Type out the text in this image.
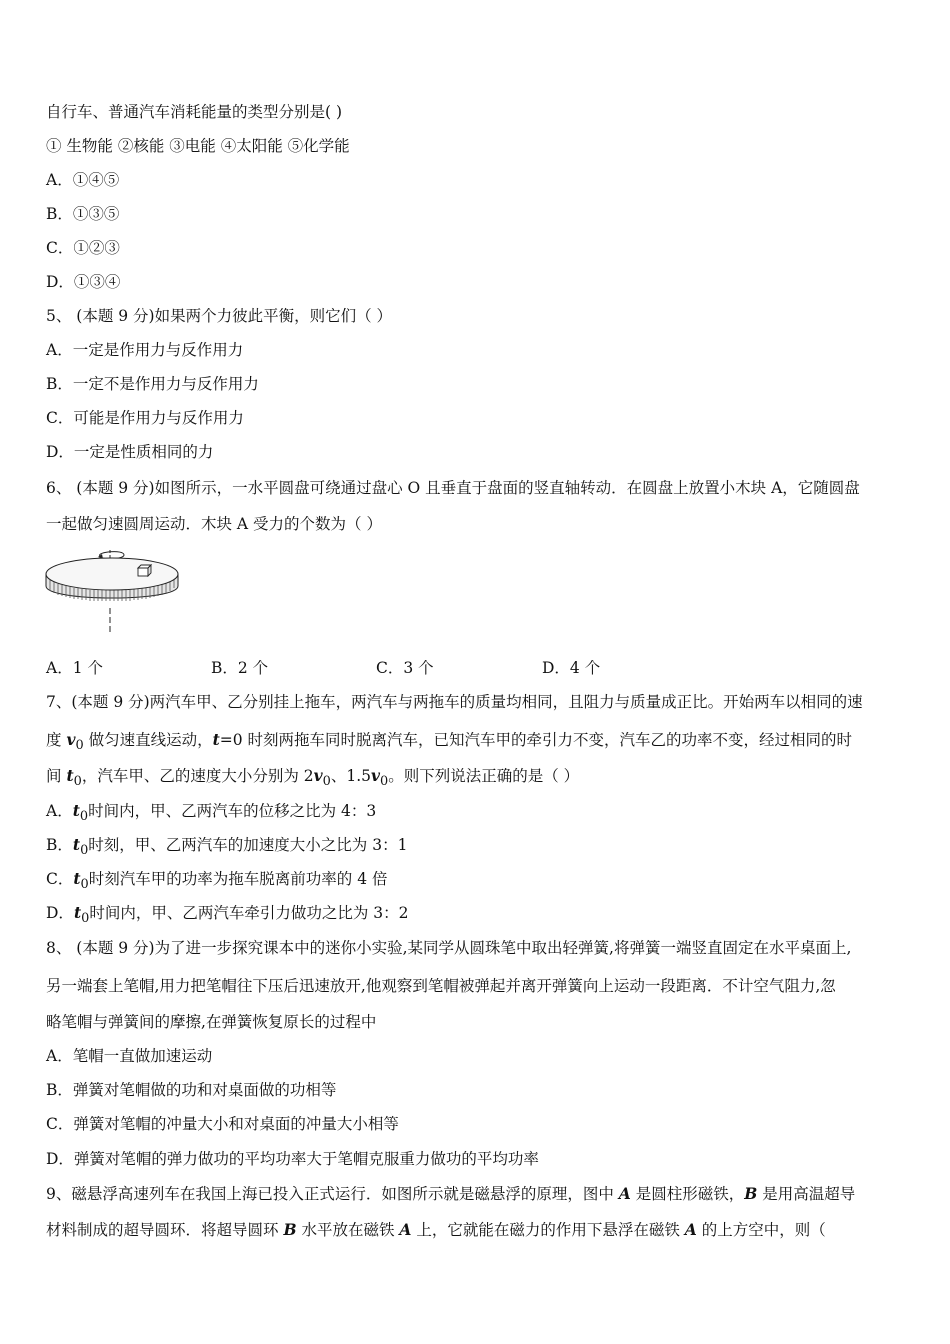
自行车、普通汽车消耗能量的类型分别是( )
① 生物能 ②核能 ③电能 ④太阳能 ⑤化学能
A．①④⑤
B．①③⑤
C．①②③
D．①③④
5、 (本题 9 分)如果两个力彼此平衡，则它们（ ）
A．一定是作用力与反作用力
B．一定不是作用力与反作用力
C．可能是作用力与反作用力
D．一定是性质相同的力
6、 (本题 9 分)如图所示，一水平圆盘可绕通过盘心 O 且垂直于盘面的竖直轴转动．在圆盘上放置小木块 A，它随圆盘
一起做匀速圆周运动．木块 A 受力的个数为（ ）
A．1 个	B．2 个	C．3 个	D．4 个
7、(本题 9 分)两汽车甲、乙分别挂上拖车，两汽车与两拖车的质量均相同，且阻力与质量成正比。开始两车以相同的速
度 $v_0$ 做匀速直线运动，t=0 时刻两拖车同时脱离汽车，已知汽车甲的牵引力不变，汽车乙的功率不变，经过相同的时
间 $t_0$，汽车甲、乙的速度大小分别为 $2v_0$、$1.5v_0$。则下列说法正确的是（ ）
A．$t_0$时间内，甲、乙两汽车的位移之比为 4：3
B．$t_0$时刻，甲、乙两汽车的加速度大小之比为 3：1
C．$t_0$时刻汽车甲的功率为拖车脱离前功率的 4 倍
D．$t_0$时间内，甲、乙两汽车牵引力做功之比为 3：2
8、 (本题 9 分)为了进一步探究课本中的迷你小实验,某同学从圆珠笔中取出轻弹簧,将弹簧一端竖直固定在水平桌面上,
另一端套上笔帽,用力把笔帽往下压后迅速放开,他观察到笔帽被弹起并离开弹簧向上运动一段距离．不计空气阻力,忽
略笔帽与弹簧间的摩擦,在弹簧恢复原长的过程中
A．笔帽一直做加速运动
B．弹簧对笔帽做的功和对桌面做的功相等
C．弹簧对笔帽的冲量大小和对桌面的冲量大小相等
D．弹簧对笔帽的弹力做功的平均功率大于笔帽克服重力做功的平均功率
9、磁悬浮高速列车在我国上海已投入正式运行．如图所示就是磁悬浮的原理，图中 A 是圆柱形磁铁，B 是用高温超导
材料制成的超导圆环．将超导圆环 B 水平放在磁铁 A 上，它就能在磁力的作用下悬浮在磁铁 A 的上方空中，则（
